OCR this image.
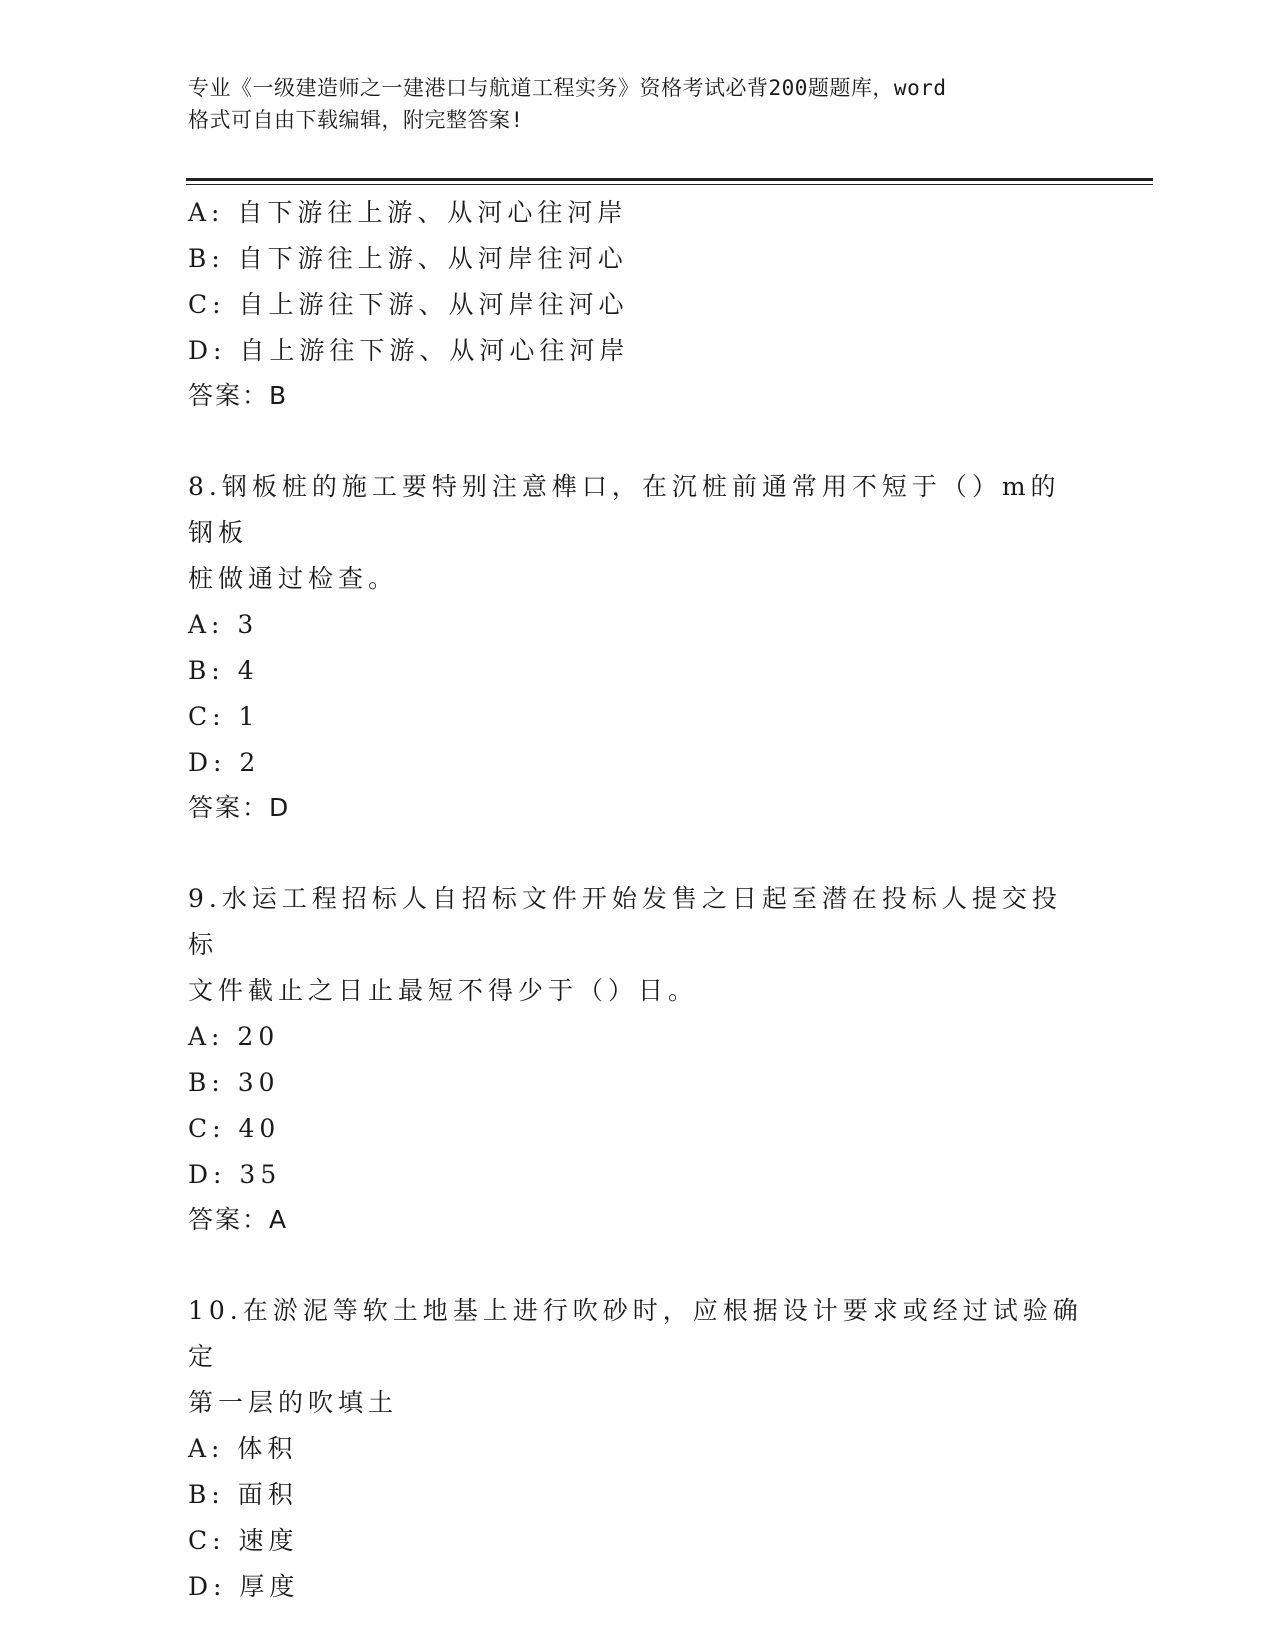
专业《一级建造师之一建港口与航道工程实务》资格考试必背200题题库，word
格式可自由下载编辑，附完整答案!
A: 自下游往上游、从河心往河岸
B: 自下游往上游、从河岸往河心
C: 自上游往下游、从河岸往河心
D: 自上游往下游、从河心往河岸
答案：B
8.钢板桩的施工要特别注意榫口，在沉桩前通常用不短于（）m的钢板
桩做通过检查。
A: 3
B: 4
C: 1
D: 2
答案：D
9.水运工程招标人自招标文件开始发售之日起至潜在投标人提交投标
文件截止之日止最短不得少于（）日。
A: 20
B: 30
C: 40
D: 35
答案：A
10.在淤泥等软土地基上进行吹砂时，应根据设计要求或经过试验确定
第一层的吹填土
A: 体积
B: 面积
C: 速度
D: 厚度
